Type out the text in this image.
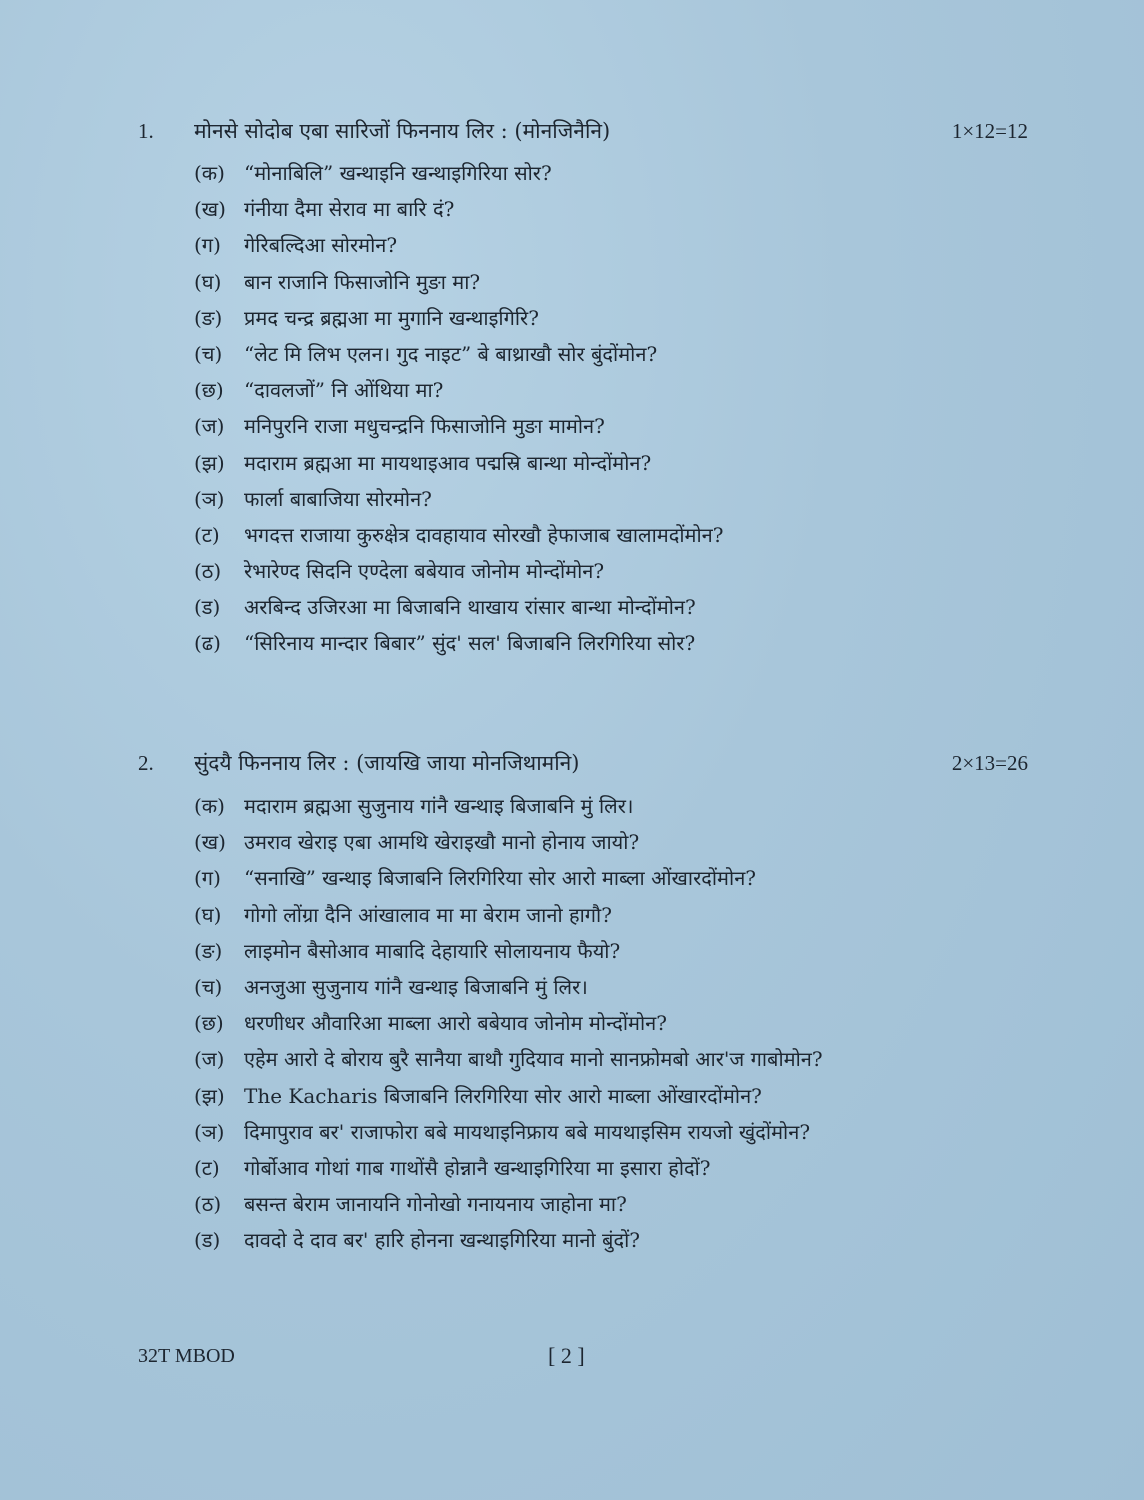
1.	मोनसे सोदोब एबा सारिजों फिननाय लिर : (मोनजिनैनि)	1×12=12
(क) “मोनाबिलि” खन्थाइनि खन्थाइगिरिया सोर?
(ख) गंनीया दैमा सेराव मा बारि दं?
(ग) गेरिबल्दिआ सोरमोन?
(घ) बान राजानि फिसाजोनि मुङा मा?
(ङ) प्रमद चन्द्र ब्रह्मआ मा मुगानि खन्थाइगिरि?
(च) “लेट मि लिभ एलन। गुद नाइट” बे बाथ्राखौ सोर बुंदोंमोन?
(छ) “दावलजों” नि ओंथिया मा?
(ज) मनिपुरनि राजा मधुचन्द्रनि फिसाजोनि मुङा मामोन?
(झ) मदाराम ब्रह्मआ मा मायथाइआव पद्मस्रि बान्था मोन्दोंमोन?
(ञ) फार्ला बाबाजिया सोरमोन?
(ट) भगदत्त राजाया कुरुक्षेत्र दावहायाव सोरखौ हेफाजाब खालामदोंमोन?
(ठ) रेभारेण्द सिदनि एण्देला बबेयाव जोनोम मोन्दोंमोन?
(ड) अरबिन्द उजिरआ मा बिजाबनि थाखाय रांसार बान्था मोन्दोंमोन?
(ढ) “सिरिनाय मान्दार बिबार” सुंद' सल' बिजाबनि लिरगिरिया सोर?
2.	सुंदयै फिननाय लिर : (जायखि जाया मोनजिथामनि)	2×13=26
(क) मदाराम ब्रह्मआ सुजुनाय गांनै खन्थाइ बिजाबनि मुं लिर।
(ख) उमराव खेराइ एबा आमथि खेराइखौ मानो होनाय जायो?
(ग) “सनाखि” खन्थाइ बिजाबनि लिरगिरिया सोर आरो माब्ला ओंखारदोंमोन?
(घ) गोगो लोंग्रा दैनि आंखालाव मा मा बेराम जानो हागौ?
(ङ) लाइमोन बैसोआव माबादि देहायारि सोलायनाय फैयो?
(च) अनजुआ सुजुनाय गांनै खन्थाइ बिजाबनि मुं लिर।
(छ) धरणीधर औवारिआ माब्ला आरो बबेयाव जोनोम मोन्दोंमोन?
(ज) एहेम आरो दे बोराय बुरै सानैया बाथौ गुदियाव मानो सानफ्रोमबो आर'ज गाबोमोन?
(झ) The Kacharis बिजाबनि लिरगिरिया सोर आरो माब्ला ओंखारदोंमोन?
(ञ) दिमापुराव बर' राजाफोरा बबे मायथाइनिफ्राय बबे मायथाइसिम रायजो खुंदोंमोन?
(ट) गोर्बोआव गोथां गाब गाथोंसै होन्नानै खन्थाइगिरिया मा इसारा होदों?
(ठ) बसन्त बेराम जानायनि गोनोखो गनायनाय जाहोना मा?
(ड) दावदो दे दाव बर' हारि होनना खन्थाइगिरिया मानो बुंदों?
32T MBOD	[ 2 ]
